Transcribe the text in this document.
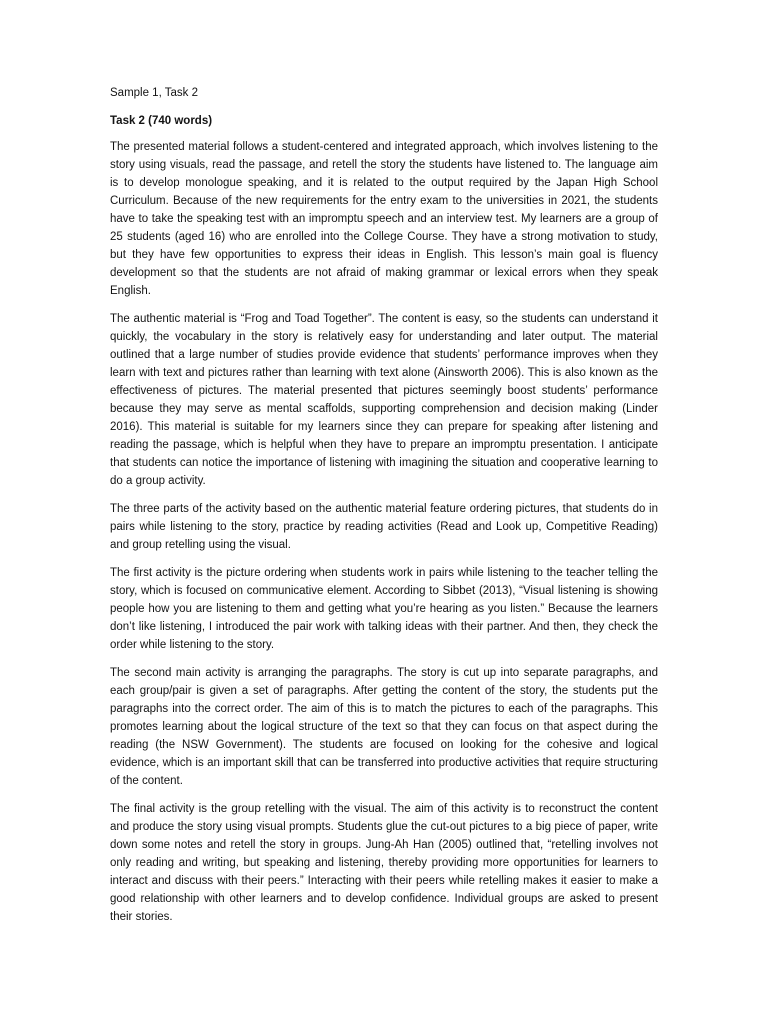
Sample 1, Task 2

Task 2 (740 words)

The presented material follows a student-centered and integrated approach, which involves listening to the story using visuals, read the passage, and retell the story the students have listened to. The language aim is to develop monologue speaking, and it is related to the output required by the Japan High School Curriculum. Because of the new requirements for the entry exam to the universities in 2021, the students have to take the speaking test with an impromptu speech and an interview test. My learners are a group of 25 students (aged 16) who are enrolled into the College Course. They have a strong motivation to study, but they have few opportunities to express their ideas in English. This lesson’s main goal is fluency development so that the students are not afraid of making grammar or lexical errors when they speak English.

The authentic material is “Frog and Toad Together”. The content is easy, so the students can understand it quickly, the vocabulary in the story is relatively easy for understanding and later output. The material outlined that a large number of studies provide evidence that students’ performance improves when they learn with text and pictures rather than learning with text alone (Ainsworth 2006). This is also known as the effectiveness of pictures. The material presented that pictures seemingly boost students’ performance because they may serve as mental scaffolds, supporting comprehension and decision making (Linder 2016). This material is suitable for my learners since they can prepare for speaking after listening and reading the passage, which is helpful when they have to prepare an impromptu presentation. I anticipate that students can notice the importance of listening with imagining the situation and cooperative learning to do a group activity.

The three parts of the activity based on the authentic material feature ordering pictures, that students do in pairs while listening to the story, practice by reading activities (Read and Look up, Competitive Reading) and group retelling using the visual.

The first activity is the picture ordering when students work in pairs while listening to the teacher telling the story, which is focused on communicative element. According to Sibbet (2013), “Visual listening is showing people how you are listening to them and getting what you’re hearing as you listen.” Because the learners don’t like listening, I introduced the pair work with talking ideas with their partner. And then, they check the order while listening to the story.

The second main activity is arranging the paragraphs. The story is cut up into separate paragraphs, and each group/pair is given a set of paragraphs. After getting the content of the story, the students put the paragraphs into the correct order. The aim of this is to match the pictures to each of the paragraphs. This promotes learning about the logical structure of the text so that they can focus on that aspect during the reading (the NSW Government). The students are focused on looking for the cohesive and logical evidence, which is an important skill that can be transferred into productive activities that require structuring of the content.

The final activity is the group retelling with the visual. The aim of this activity is to reconstruct the content and produce the story using visual prompts. Students glue the cut-out pictures to a big piece of paper, write down some notes and retell the story in groups. Jung-Ah Han (2005) outlined that, “retelling involves not only reading and writing, but speaking and listening, thereby providing more opportunities for learners to interact and discuss with their peers.” Interacting with their peers while retelling makes it easier to make a good relationship with other learners and to develop confidence. Individual groups are asked to present their stories.
